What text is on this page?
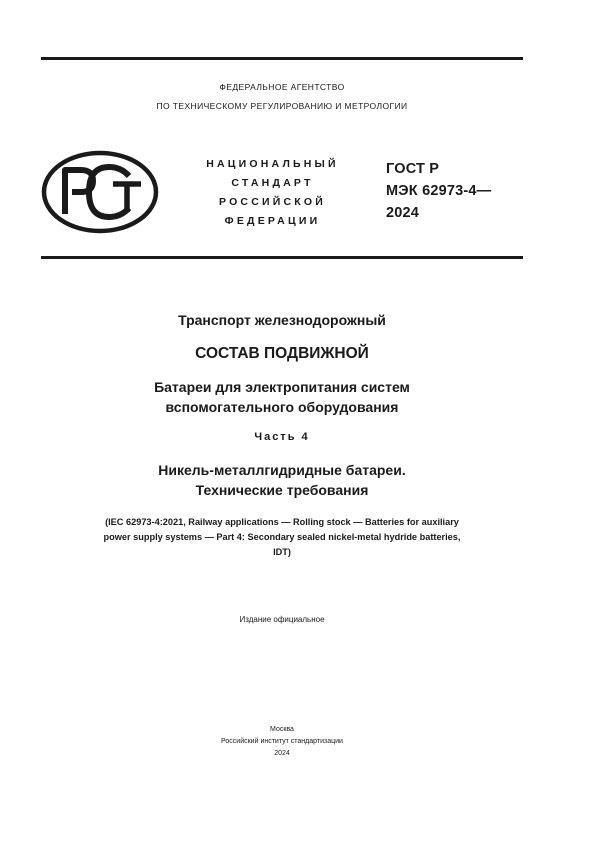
ФЕДЕРАЛЬНОЕ АГЕНТСТВО
ПО ТЕХНИЧЕСКОМУ РЕГУЛИРОВАНИЮ И МЕТРОЛОГИИ
НАЦИОНАЛЬНЫЙ
СТАНДАРТ
РОССИЙСКОЙ
ФЕДЕРАЦИИ
ГОСТ Р
МЭК 62973-4—
2024
Транспорт железнодорожный
СОСТАВ ПОДВИЖНОЙ
Батареи для электропитания систем
вспомогательного оборудования
Часть 4
Никель-металлгидридные батареи.
Технические требования
(IEC 62973-4:2021, Railway applications — Rolling stock — Batteries for auxiliary
power supply systems — Part 4: Secondary sealed nickel-metal hydride batteries,
IDT)
Издание официальное
Москва
Российский институт стандартизации
2024
